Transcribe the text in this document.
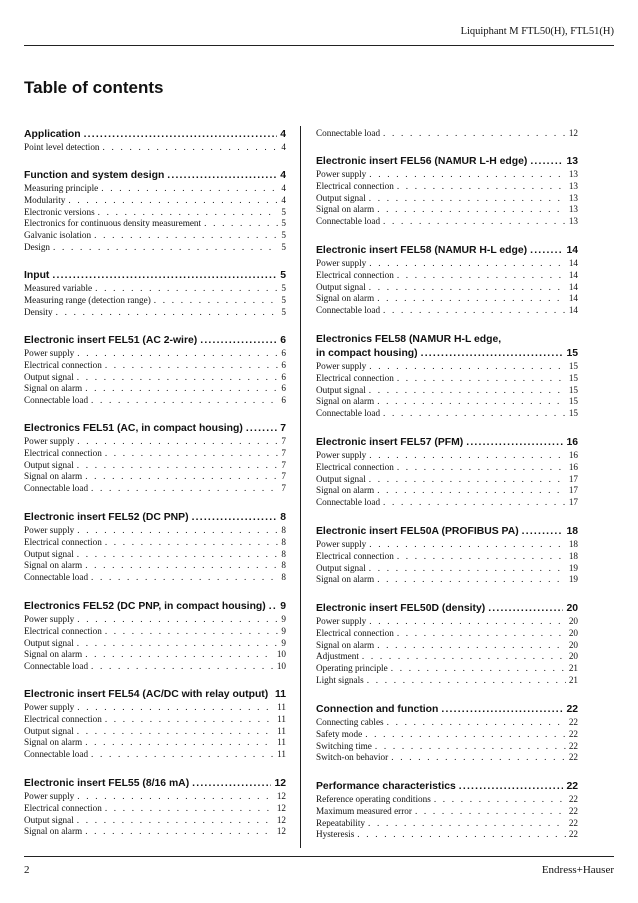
Liquiphant M FTL50(H), FTL51(H)
Table of contents
Application .....	4
Point level detection . . .	4
Function and system design .....	4
Measuring principle . . .	4
Modularity . . .	4
Electronic versions . . .	5
Electronics for continuous density measurement . . .	5
Galvanic isolation . . .	5
Design . . .	5
Input .....	5
Measured variable . . .	5
Measuring range (detection range) . . .	5
Density . . .	5
Electronic insert FEL51 (AC 2-wire) .....	6
Power supply . . .	6
Electrical connection . . .	6
Output signal . . .	6
Signal on alarm . . .	6
Connectable load . . .	6
Electronics FEL51 (AC, in compact housing) .....	7
Power supply . . .	7
Electrical connection . . .	7
Output signal . . .	7
Signal on alarm . . .	7
Connectable load . . .	7
Electronic insert FEL52 (DC PNP) .....	8
Power supply . . .	8
Electrical connection . . .	8
Output signal . . .	8
Signal on alarm . . .	8
Connectable load . . .	8
Electronics FEL52 (DC PNP, in compact housing) ..... 9
Power supply . . .	9
Electrical connection . . .	9
Output signal . . .	9
Signal on alarm . . .	10
Connectable load . . .	10
Electronic insert FEL54 (AC/DC with relay output) ..... 11
Power supply . . .	11
Electrical connection . . .	11
Output signal . . .	11
Signal on alarm . . .	11
Connectable load . . .	11
Electronic insert FEL55 (8/16 mA) .....	12
Power supply . . .	12
Electrical connection . . .	12
Output signal . . .	12
Signal on alarm . . .	12
Connectable load . . .	12
Electronic insert FEL56 (NAMUR L-H edge) .....	13
Power supply . . .	13
Electrical connection . . .	13
Output signal . . .	13
Signal on alarm . . .	13
Connectable load . . .	13
Electronic insert FEL58 (NAMUR H-L edge) .....	14
Power supply . . .	14
Electrical connection . . .	14
Output signal . . .	14
Signal on alarm . . .	14
Connectable load . . .	14
Electronics FEL58 (NAMUR H-L edge,
in compact housing) .....	15
Power supply . . .	15
Electrical connection . . .	15
Output signal . . .	15
Signal on alarm . . .	15
Connectable load . . .	15
Electronic insert FEL57 (PFM) .....	16
Power supply . . .	16
Electrical connection . . .	16
Output signal . . .	17
Signal on alarm . . .	17
Connectable load . . .	17
Electronic insert FEL50A (PROFIBUS PA) .....	18
Power supply . . .	18
Electrical connection . . .	18
Output signal . . .	19
Signal on alarm . . .	19
Electronic insert FEL50D (density) .....	20
Power supply . . .	20
Electrical connection . . .	20
Signal on alarm . . .	20
Adjustment . . .	20
Operating principle . . .	21
Light signals . . .	21
Connection and function .....	22
Connecting cables . . .	22
Safety mode . . .	22
Switching time . . .	22
Switch-on behavior . . .	22
Performance characteristics .....	22
Reference operating conditions . . .	22
Maximum measured error . . .	22
Repeatability . . .	22
Hysteresis . . .	22
2	Endress+Hauser
